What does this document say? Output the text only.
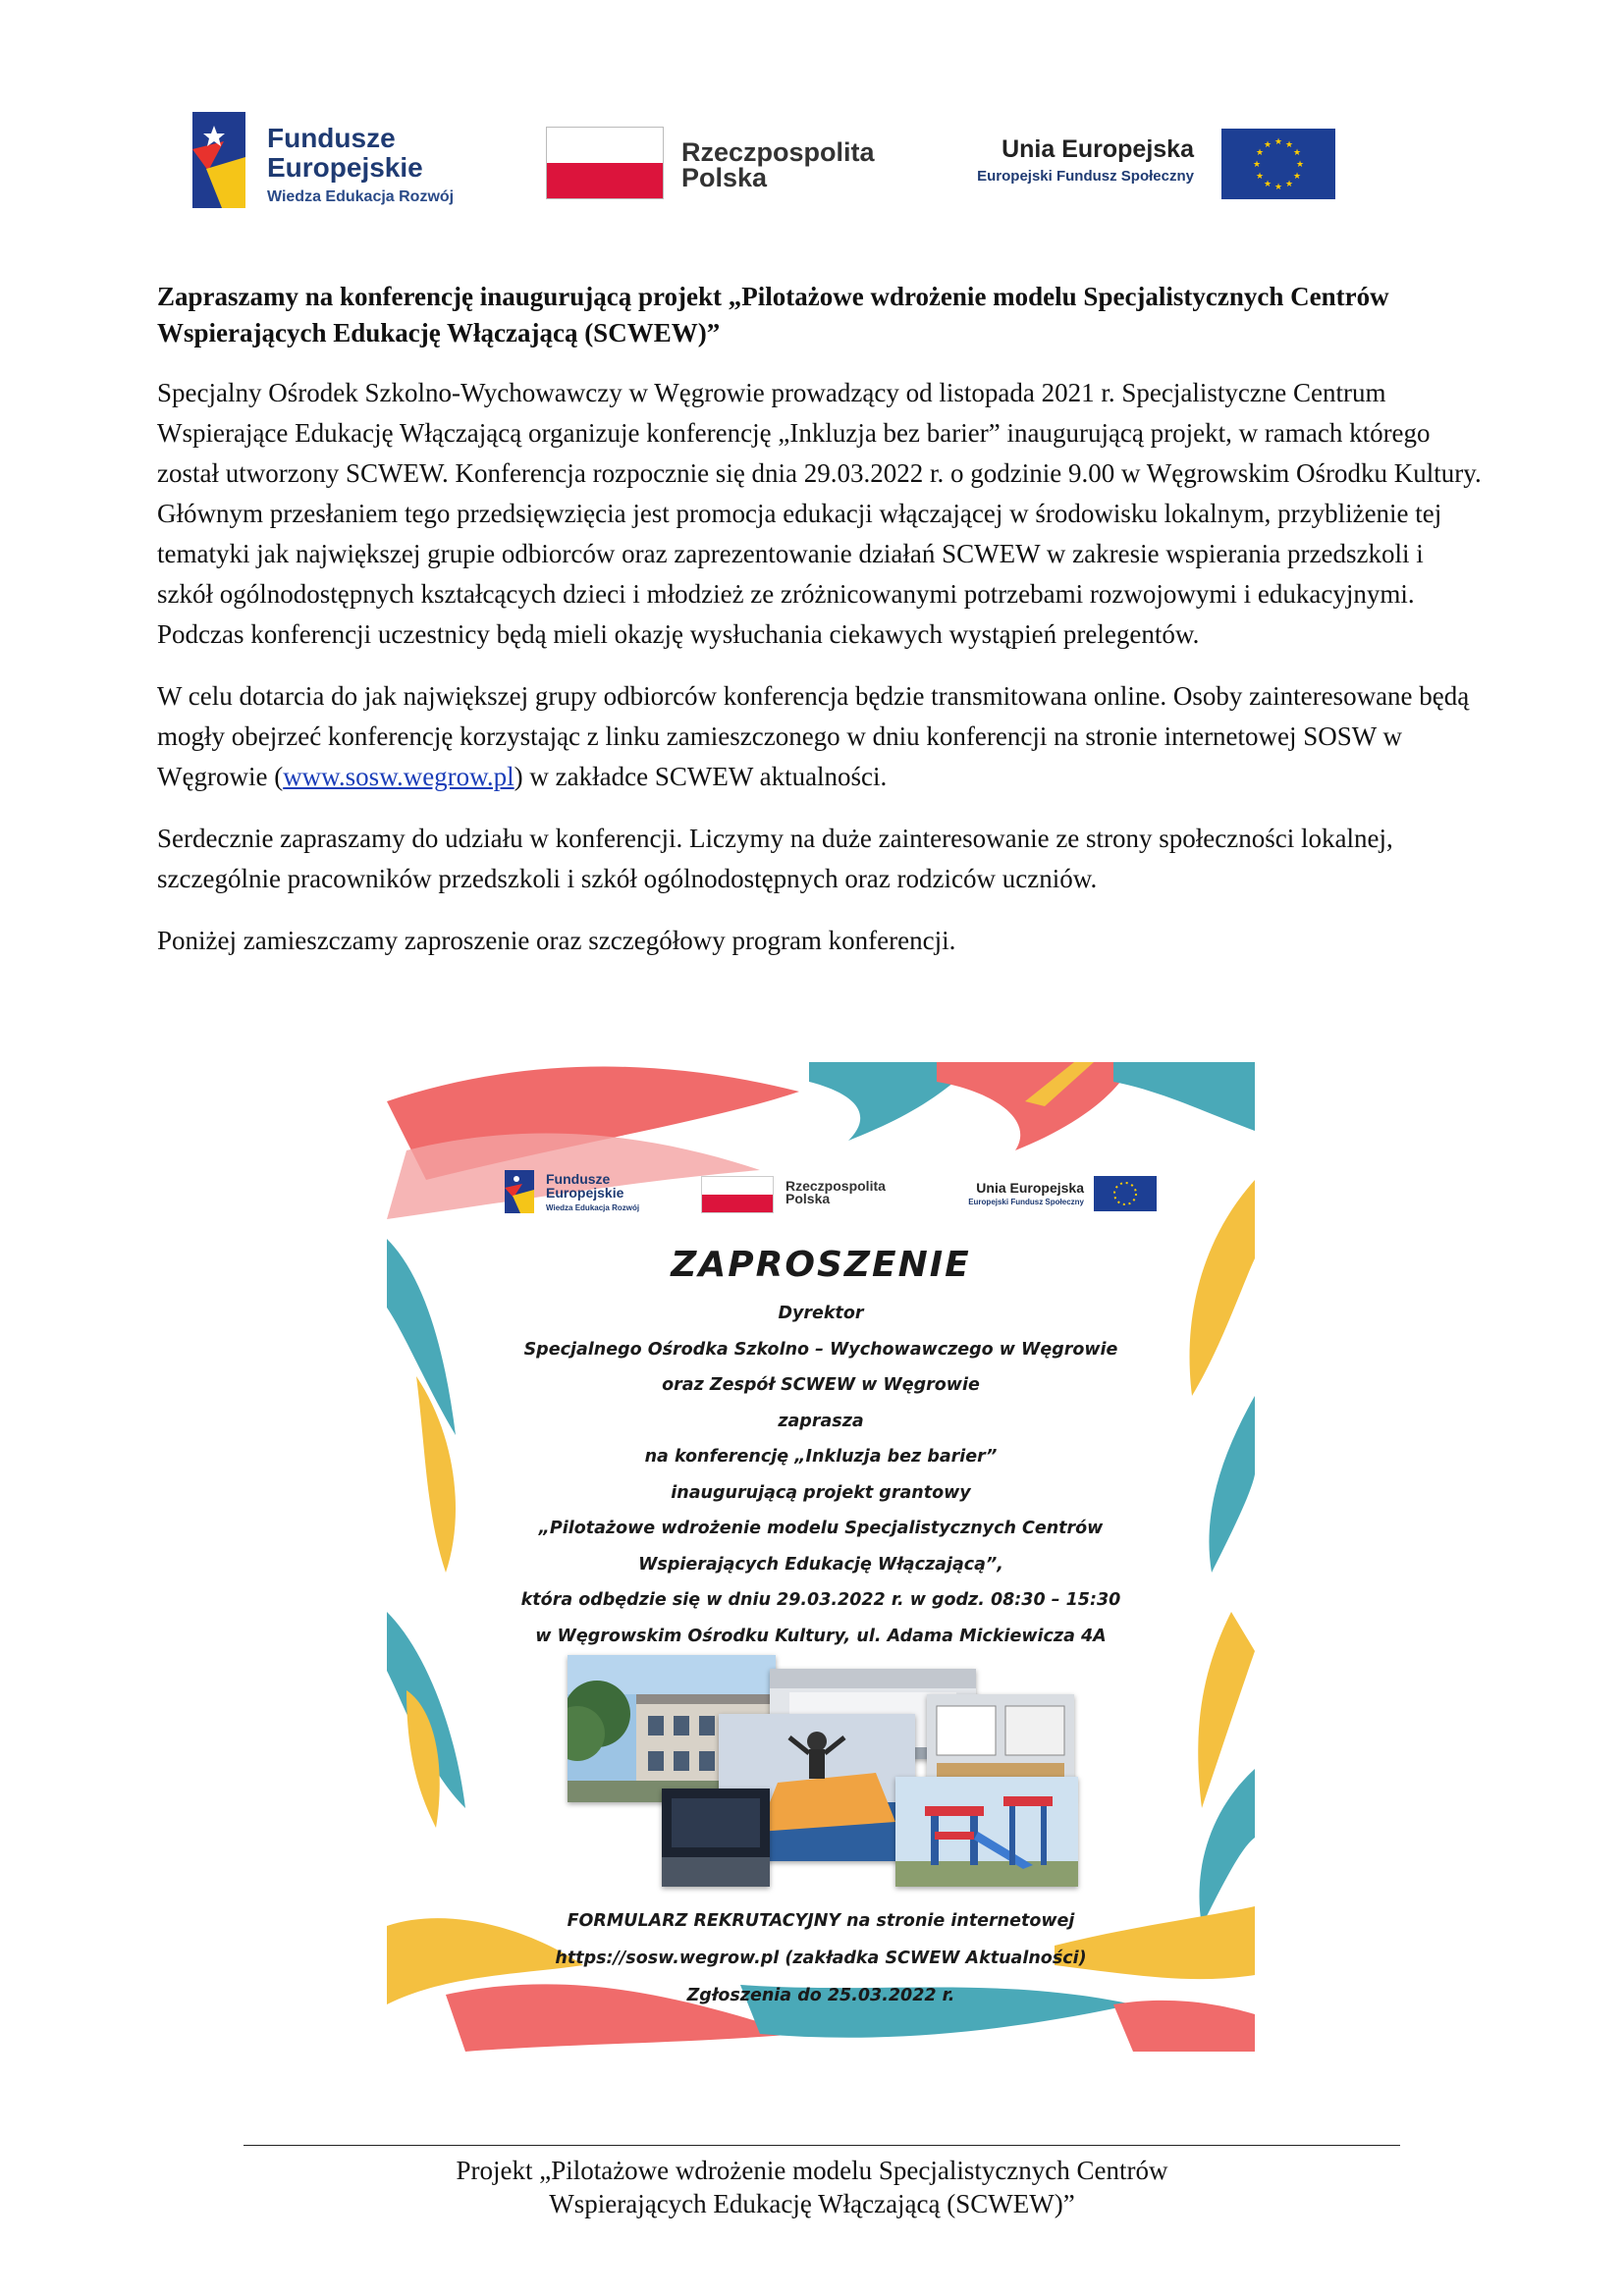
Fundusze
Europejskie
Wiedza Edukacja Rozwój
Rzeczpospolita
Polska
Unia Europejska
Europejski Fundusz Społeczny
★ ★
★
★
★
★
★
★
★
★
★
★
Zapraszamy na konferencję inaugurującą projekt „Pilotażowe wdrożenie modelu Specjalistycznych Centrów Wspierających Edukację Włączającą (SCWEW)”

Specjalny Ośrodek Szkolno-Wychowawczy w Węgrowie prowadzący od listopada 2021 r. Specjalistyczne Centrum Wspierające Edukację Włączającą organizuje konferencję „Inkluzja bez barier” inaugurującą projekt, w ramach którego został utworzony SCWEW. Konferencja rozpocznie się dnia 29.03.2022 r. o godzinie 9.00 w Węgrowskim Ośrodku Kultury. Głównym przesłaniem tego przedsięwzięcia jest promocja edukacji włączającej w środowisku lokalnym, przybliżenie tej tematyki jak największej grupie odbiorców oraz zaprezentowanie działań SCWEW w zakresie wspierania przedszkoli i szkół ogólnodostępnych kształcących dzieci i młodzież ze zróżnicowanymi potrzebami rozwojowymi i edukacyjnymi. Podczas konferencji uczestnicy będą mieli okazję wysłuchania ciekawych wystąpień prelegentów.

W celu dotarcia do jak największej grupy odbiorców konferencja będzie transmitowana online. Osoby zainteresowane będą mogły obejrzeć konferencję korzystając z linku zamieszczonego w dniu konferencji na stronie internetowej SOSW w Węgrowie (www.sosw.wegrow.pl) w zakładce SCWEW aktualności.

Serdecznie zapraszamy do udziału w konferencji. Liczymy na duże zainteresowanie ze strony społeczności lokalnej, szczególnie pracowników przedszkoli i szkół ogólnodostępnych oraz rodziców uczniów.

Poniżej zamieszczamy zaproszenie oraz szczegółowy program konferencji.

Fundusze
Europejskie
Wiedza Edukacja Rozwój
Rzeczpospolita
Polska
Unia Europejska
Europejski Fundusz Społeczny
ZAPROSZENIE
Dyrektor
Specjalnego Ośrodka Szkolno – Wychowawczego w Węgrowie
oraz Zespół SCWEW w Węgrowie
zaprasza
na konferencję „Inkluzja bez barier”
inaugurującą projekt grantowy
„Pilotażowe wdrożenie modelu Specjalistycznych Centrów
Wspierających Edukację Włączającą”,
która odbędzie się w dniu 29.03.2022 r. w godz. 08:30 – 15:30
w Węgrowskim Ośrodku Kultury, ul. Adama Mickiewicza 4A
FORMULARZ REKRUTACYJNY na stronie internetowej
https://sosw.wegrow.pl (zakładka SCWEW Aktualności)
Zgłoszenia do 25.03.2022 r.
Projekt „Pilotażowe wdrożenie modelu Specjalistycznych Centrów
Wspierających Edukację Włączającą (SCWEW)”
